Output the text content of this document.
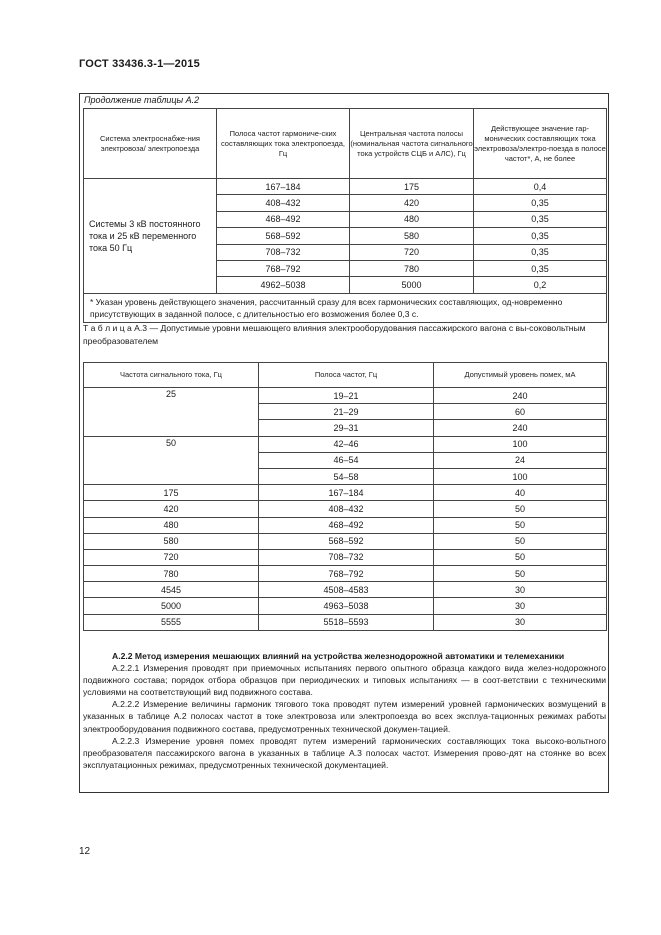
ГОСТ 33436.3-1—2015
Продолжение таблицы А.2
Система электроснабже-ния электровоза/ электропоезда	Полоса частот гармониче-ских составляющих тока электропоезда, Гц	Центральная частота полосы (номинальная частота сигнального тока устройств СЦБ и АЛС), Гц	Действующее значение гар-монических составляющих тока электровоза/электро-поезда в полосе частот*, А, не более
Системы 3 кВ постоянного тока и 25 кВ переменного тока 50 Гц	167–184	175	0,4
	408–432	420	0,35
	468–492	480	0,35
	568–592	580	0,35
	708–732	720	0,35
	768–792	780	0,35
	4962–5038	5000	0,2
* Указан уровень действующего значения, рассчитанный сразу для всех гармонических составляющих, од-новременно присутствующих в заданной полосе, с длительностью его возможения более 0,3 с.			
Т а б л и ц а А.3 — Допустимые уровни мешающего влияния электрооборудования пассажирского вагона с вы-соковольтным преобразователем
Частота сигнального тока, Гц	Полоса частот, Гц	Допустимый уровень помех, мА
25	19–21	240
	21–29	60
	29–31	240
50	42–46	100
	46–54	24
	54–58	100
175	167–184	40
420	408–432	50
480	468–492	50
580	568–592	50
720	708–732	50
780	768–792	50
4545	4508–4583	30
5000	4963–5038	30
5555	5518–5593	30
А.2.2 Метод измерения мешающих влияний на устройства железнодорожной автоматики и телемеханики
А.2.2.1 Измерения проводят при приемочных испытаниях первого опытного образца каждого вида желез-нодорожного подвижного состава; порядок отбора образцов при периодических и типовых испытаниях — в соот-ветствии с техническими условиями на соответствующий вид подвижного состава.
А.2.2.2 Измерение величины гармоник тягового тока проводят путем измерений уровней гармонических возмущений в указанных в таблице А.2 полосах частот в токе электровоза или электропоезда во всех эксплуа-тационных режимах работы электрооборудования подвижного состава, предусмотренных технической докумен-тацией.
А.2.2.3 Измерение уровня помех проводят путем измерений гармонических составляющих тока высоко-вольтного преобразователя пассажирского вагона в указанных в таблице А.3 полосах частот. Измерения прово-дят на стоянке во всех эксплуатационных режимах, предусмотренных технической документацией.
12
